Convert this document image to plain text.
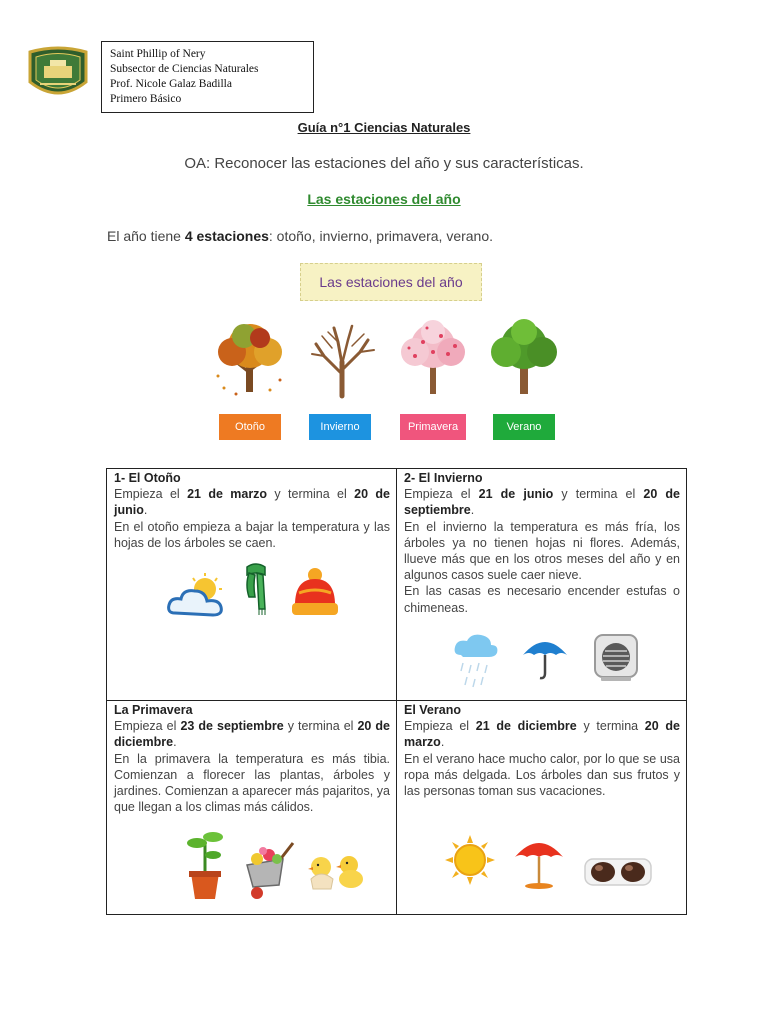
Saint Phillip of Nery
Subsector de Ciencias Naturales
Prof. Nicole Galaz Badilla
Primero Básico
Guía n°1 Ciencias Naturales
OA: Reconocer las estaciones del año y sus características.
Las estaciones del año
El año tiene 4 estaciones: otoño, invierno, primavera, verano.
Las estaciones del año
Otoño	Invierno	Primavera	Verano
1- El Otoño

Empieza el 21 de marzo y termina el 20 de junio.

En el otoño empieza a bajar la temperatura y las hojas de los árboles se caen.

2- El Invierno

Empieza el 21 de junio y termina el 20 de septiembre.

En el invierno la temperatura es más fría, los árboles ya no tienen hojas ni flores. Además, llueve más que en los otros meses del año y en algunos casos suele caer nieve.

En las casas es necesario encender estufas o chimeneas.

La Primavera

Empieza el 23 de septiembre y termina el 20 de diciembre.

En la primavera la temperatura es más tibia. Comienzan a florecer las plantas, árboles y jardines. Comienzan a aparecer más pajaritos, ya que llegan a los climas más cálidos.

El Verano

Empieza el 21 de diciembre y termina 20 de marzo.

En el verano hace mucho calor, por lo que se usa ropa más delgada. Los árboles dan sus frutos y las personas toman sus vacaciones.
